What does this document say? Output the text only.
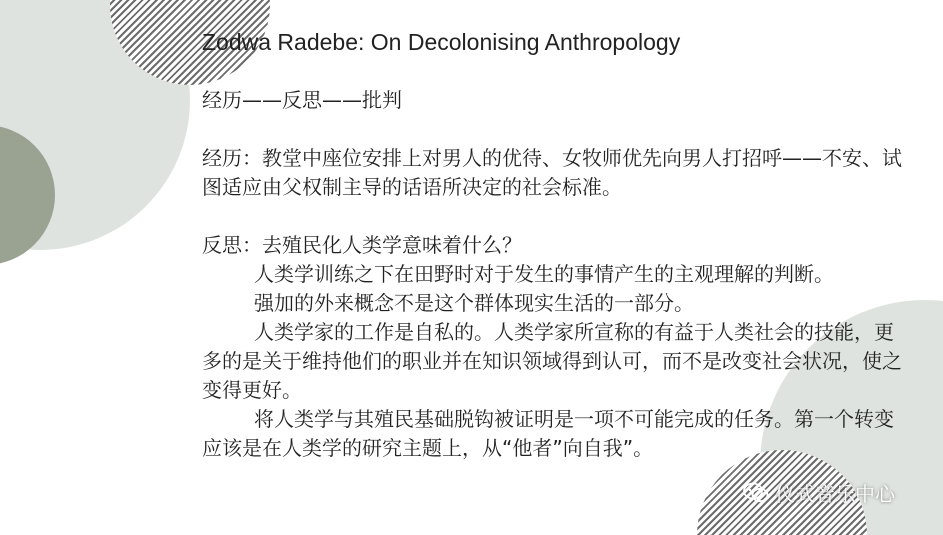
Zodwa Radebe: On Decolonising Anthropology

经历——反思——批判

经历：教堂中座位安排上对男人的优待、女牧师优先向男人打招呼——不安、试图适应由父权制主导的话语所决定的社会标准。

反思：去殖民化人类学意味着什么？

人类学训练之下在田野时对于发生的事情产生的主观理解的判断。

强加的外来概念不是这个群体现实生活的一部分。

人类学家的工作是自私的。人类学家所宣称的有益于人类社会的技能，更多的是关于维持他们的职业并在知识领域得到认可，而不是改变社会状况，使之变得更好。

将人类学与其殖民基础脱钩被证明是一项不可能完成的任务。第一个转变应该是在人类学的研究主题上，从“他者”向自我”。

仪式音乐中心
